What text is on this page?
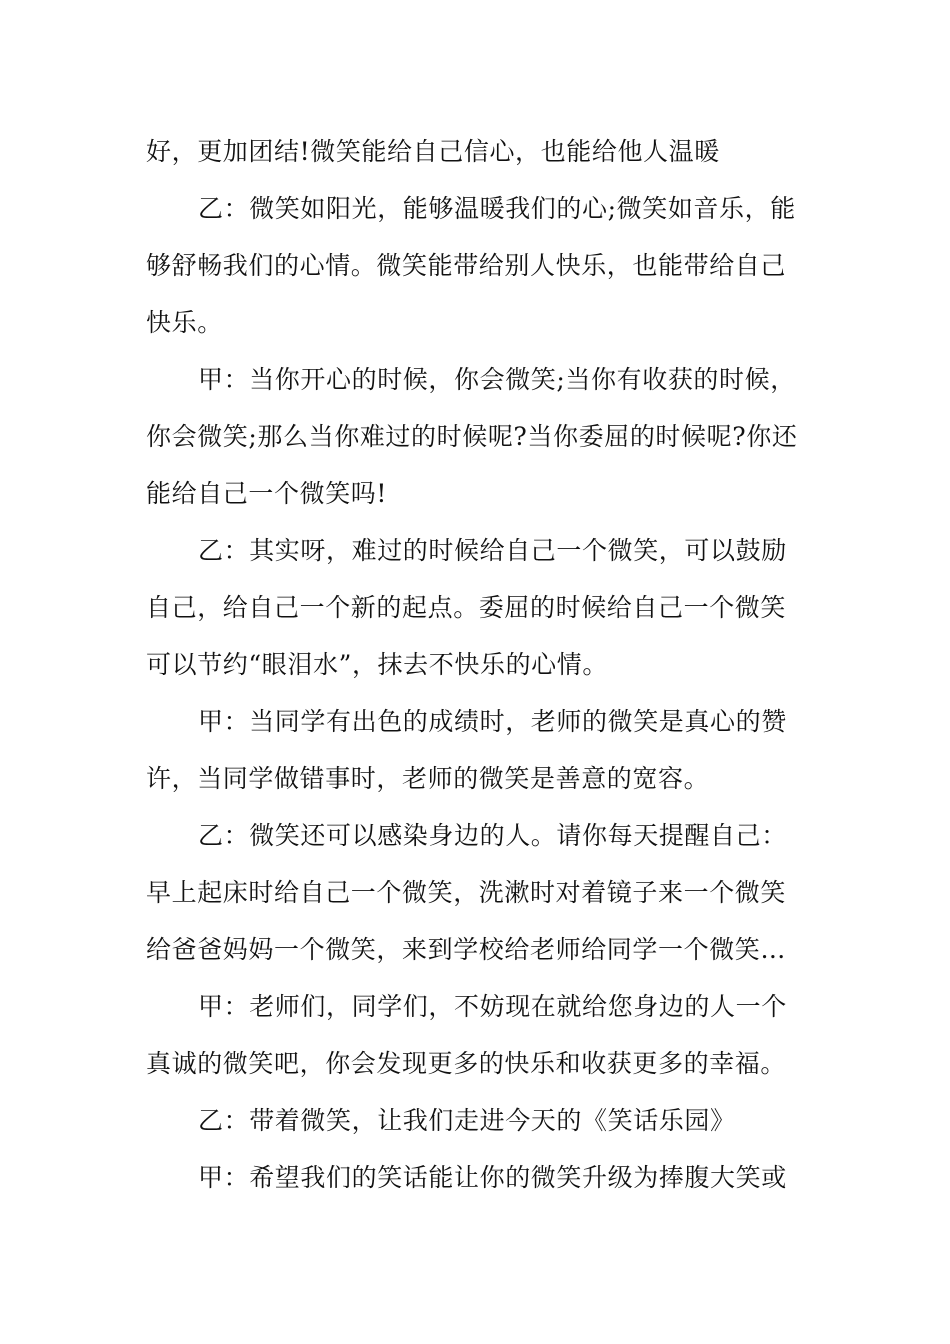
好，更加团结!微笑能给自己信心，也能给他人温暖
乙：微笑如阳光，能够温暖我们的心;微笑如音乐，能
够舒畅我们的心情。微笑能带给别人快乐，也能带给自己
快乐。
甲：当你开心的时候，你会微笑;当你有收获的时候，
你会微笑;那么当你难过的时候呢?当你委屈的时候呢?你还
能给自己一个微笑吗!
乙：其实呀，难过的时候给自己一个微笑，可以鼓励
自己，给自己一个新的起点。委屈的时候给自己一个微笑
可以节约“眼泪水”，抹去不快乐的心情。
甲：当同学有出色的成绩时，老师的微笑是真心的赞
许，当同学做错事时，老师的微笑是善意的宽容。
乙：微笑还可以感染身边的人。请你每天提醒自己：
早上起床时给自己一个微笑，洗漱时对着镜子来一个微笑
给爸爸妈妈一个微笑，来到学校给老师给同学一个微笑…
甲：老师们，同学们，不妨现在就给您身边的人一个
真诚的微笑吧，你会发现更多的快乐和收获更多的幸福。
乙：带着微笑，让我们走进今天的《笑话乐园》
甲：希望我们的笑话能让你的微笑升级为捧腹大笑或
